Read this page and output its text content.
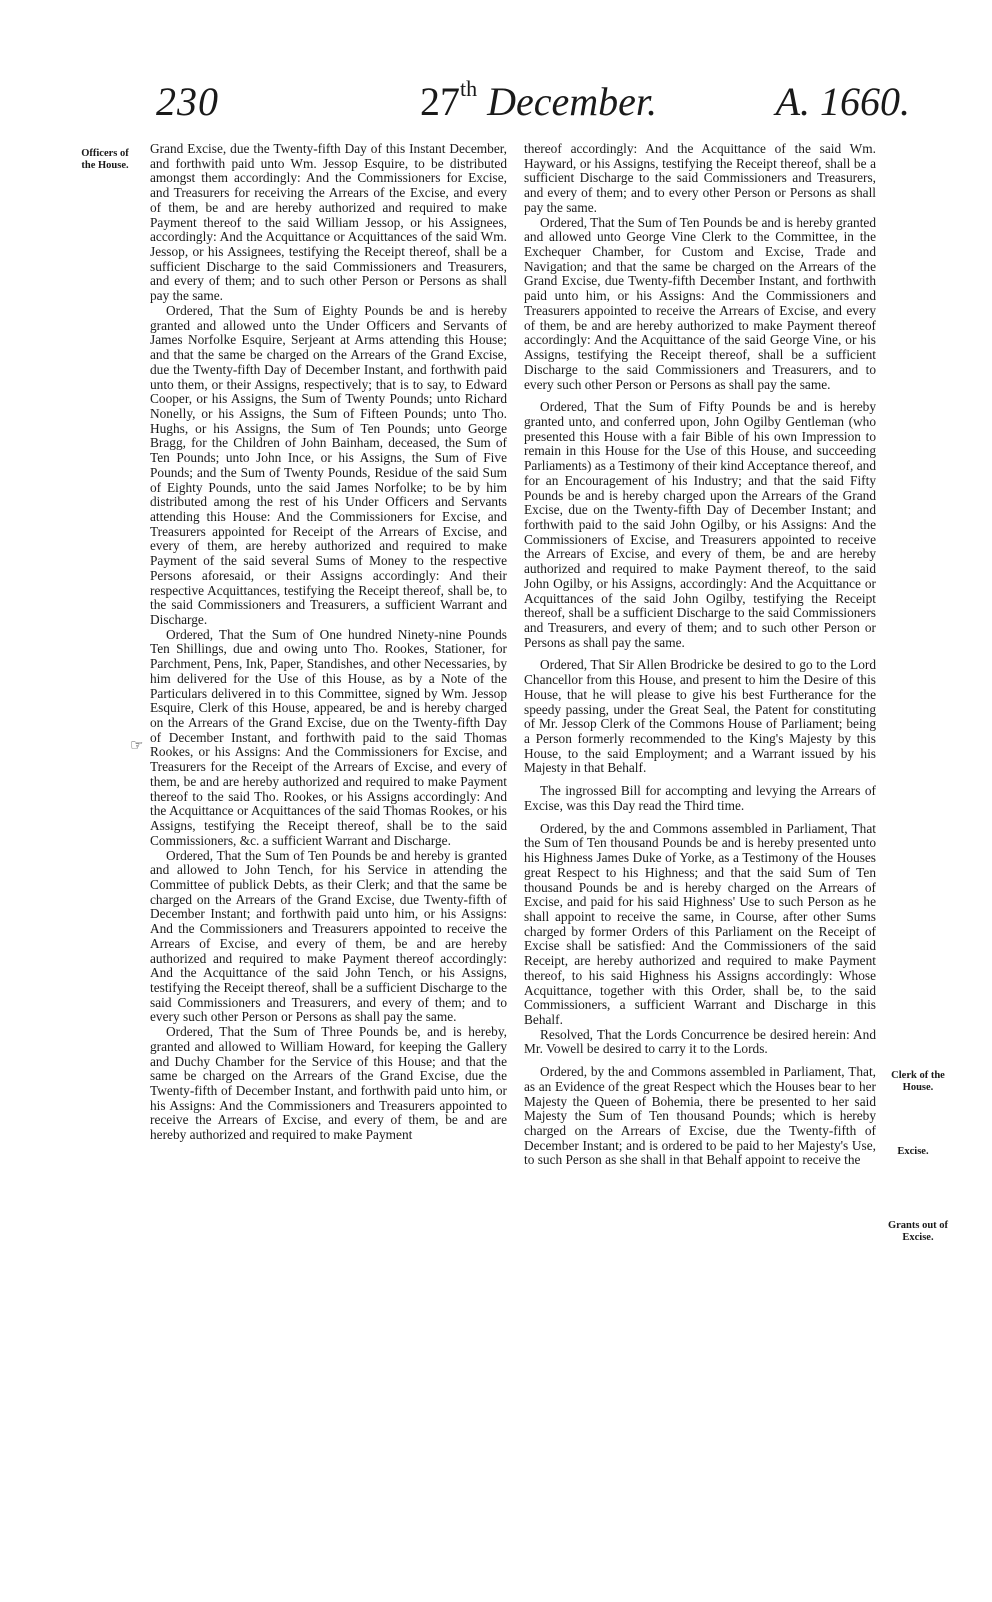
230	27th December.	A. 1660.
Officers of the House.
Clerk of the House.
Excise.
Grants out of Excise.
☞

Grand Excise, due the Twenty-fifth Day of this Instant December, and forthwith paid unto Wm. Jessop Esquire, to be distributed amongst them accordingly: And the Commissioners for Excise, and Treasurers for receiving the Arrears of the Excise, and every of them, be and are hereby authorized and required to make Payment thereof to the said William Jessop, or his Assignees, accordingly: And the Acquittance or Acquittances of the said Wm. Jessop, or his Assignees, testifying the Receipt thereof, shall be a sufficient Discharge to the said Commissioners and Treasurers, and every of them; and to such other Person or Persons as shall pay the same.

Ordered, That the Sum of Eighty Pounds be and is hereby granted and allowed unto the Under Officers and Servants of James Norfolke Esquire, Serjeant at Arms attending this House; and that the same be charged on the Arrears of the Grand Excise, due the Twenty-fifth Day of December Instant, and forthwith paid unto them, or their Assigns, respectively; that is to say, to Edward Cooper, or his Assigns, the Sum of Twenty Pounds; unto Richard Nonelly, or his Assigns, the Sum of Fifteen Pounds; unto Tho. Hughs, or his Assigns, the Sum of Ten Pounds; unto George Bragg, for the Children of John Bainham, deceased, the Sum of Ten Pounds; unto John Ince, or his Assigns, the Sum of Five Pounds; and the Sum of Twenty Pounds, Residue of the said Sum of Eighty Pounds, unto the said James Norfolke; to be by him distributed among the rest of his Under Officers and Servants attending this House: And the Commissioners for Excise, and Treasurers appointed for Receipt of the Arrears of Excise, and every of them, are hereby authorized and required to make Payment of the said several Sums of Money to the respective Persons aforesaid, or their Assigns accordingly: And their respective Acquittances, testifying the Receipt thereof, shall be, to the said Commissioners and Treasurers, a sufficient Warrant and Discharge.

Ordered, That the Sum of One hundred Ninety-nine Pounds Ten Shillings, due and owing unto Tho. Rookes, Stationer, for Parchment, Pens, Ink, Paper, Standishes, and other Necessaries, by him delivered for the Use of this House, as by a Note of the Particulars delivered in to this Committee, signed by Wm. Jessop Esquire, Clerk of this House, appeared, be and is hereby charged on the Arrears of the Grand Excise, due on the Twenty-fifth Day of December Instant, and forthwith paid to the said Thomas Rookes, or his Assigns: And the Commissioners for Excise, and Treasurers for the Receipt of the Arrears of Excise, and every of them, be and are hereby authorized and required to make Payment thereof to the said Tho. Rookes, or his Assigns accordingly: And the Acquittance or Acquittances of the said Thomas Rookes, or his Assigns, testifying the Receipt thereof, shall be to the said Commissioners, &c. a sufficient Warrant and Discharge.

Ordered, That the Sum of Ten Pounds be and hereby is granted and allowed to John Tench, for his Service in attending the Committee of publick Debts, as their Clerk; and that the same be charged on the Arrears of the Grand Excise, due Twenty-fifth of December Instant; and forthwith paid unto him, or his Assigns: And the Commissioners and Treasurers appointed to receive the Arrears of Excise, and every of them, be and are hereby authorized and required to make Payment thereof accordingly: And the Acquittance of the said John Tench, or his Assigns, testifying the Receipt thereof, shall be a sufficient Discharge to the said Commissioners and Treasurers, and every of them; and to every such other Person or Persons as shall pay the same.

Ordered, That the Sum of Three Pounds be, and is hereby, granted and allowed to William Howard, for keeping the Gallery and Duchy Chamber for the Service of this House; and that the same be charged on the Arrears of the Grand Excise, due the Twenty-fifth of December Instant, and forthwith paid unto him, or his Assigns: And the Commissioners and Treasurers appointed to receive the Arrears of Excise, and every of them, be and are hereby authorized and required to make Payment

thereof accordingly: And the Acquittance of the said Wm. Hayward, or his Assigns, testifying the Receipt thereof, shall be a sufficient Discharge to the said Commissioners and Treasurers, and every of them; and to every other Person or Persons as shall pay the same.

Ordered, That the Sum of Ten Pounds be and is hereby granted and allowed unto George Vine Clerk to the Committee, in the Exchequer Chamber, for Custom and Excise, Trade and Navigation; and that the same be charged on the Arrears of the Grand Excise, due Twenty-fifth December Instant, and forthwith paid unto him, or his Assigns: And the Commissioners and Treasurers appointed to receive the Arrears of Excise, and every of them, be and are hereby authorized to make Payment thereof accordingly: And the Acquittance of the said George Vine, or his Assigns, testifying the Receipt thereof, shall be a sufficient Discharge to the said Commissioners and Treasurers, and to every such other Person or Persons as shall pay the same.

Ordered, That the Sum of Fifty Pounds be and is hereby granted unto, and conferred upon, John Ogilby Gentleman (who presented this House with a fair Bible of his own Impression to remain in this House for the Use of this House, and succeeding Parliaments) as a Testimony of their kind Acceptance thereof, and for an Encouragement of his Industry; and that the said Fifty Pounds be and is hereby charged upon the Arrears of the Grand Excise, due on the Twenty-fifth Day of December Instant; and forthwith paid to the said John Ogilby, or his Assigns: And the Commissioners of Excise, and Treasurers appointed to receive the Arrears of Excise, and every of them, be and are hereby authorized and required to make Payment thereof, to the said John Ogilby, or his Assigns, accordingly: And the Acquittance or Acquittances of the said John Ogilby, testifying the Receipt thereof, shall be a sufficient Discharge to the said Commissioners and Treasurers, and every of them; and to such other Person or Persons as shall pay the same.

Ordered, That Sir Allen Brodricke be desired to go to the Lord Chancellor from this House, and present to him the Desire of this House, that he will please to give his best Furtherance for the speedy passing, under the Great Seal, the Patent for constituting of Mr. Jessop Clerk of the Commons House of Parliament; being a Person formerly recommended to the King's Majesty by this House, to the said Employment; and a Warrant issued by his Majesty in that Behalf.

The ingrossed Bill for accompting and levying the Arrears of Excise, was this Day read the Third time.

Ordered, by the and Commons assembled in Parliament, That the Sum of Ten thousand Pounds be and is hereby presented unto his Highness James Duke of Yorke, as a Testimony of the Houses great Respect to his Highness; and that the said Sum of Ten thousand Pounds be and is hereby charged on the Arrears of Excise, and paid for his said Highness' Use to such Person as he shall appoint to receive the same, in Course, after other Sums charged by former Orders of this Parliament on the Receipt of Excise shall be satisfied: And the Commissioners of the said Receipt, are hereby authorized and required to make Payment thereof, to his said Highness his Assigns accordingly: Whose Acquittance, together with this Order, shall be, to the said Commissioners, a sufficient Warrant and Discharge in this Behalf.

Resolved, That the Lords Concurrence be desired herein: And Mr. Vowell be desired to carry it to the Lords.

Ordered, by the and Commons assembled in Parliament, That, as an Evidence of the great Respect which the Houses bear to her Majesty the Queen of Bohemia, there be presented to her said Majesty the Sum of Ten thousand Pounds; which is hereby charged on the Arrears of Excise, due the Twenty-fifth of December Instant; and is ordered to be paid to her Majesty's Use, to such Person as she shall in that Behalf appoint to receive the
